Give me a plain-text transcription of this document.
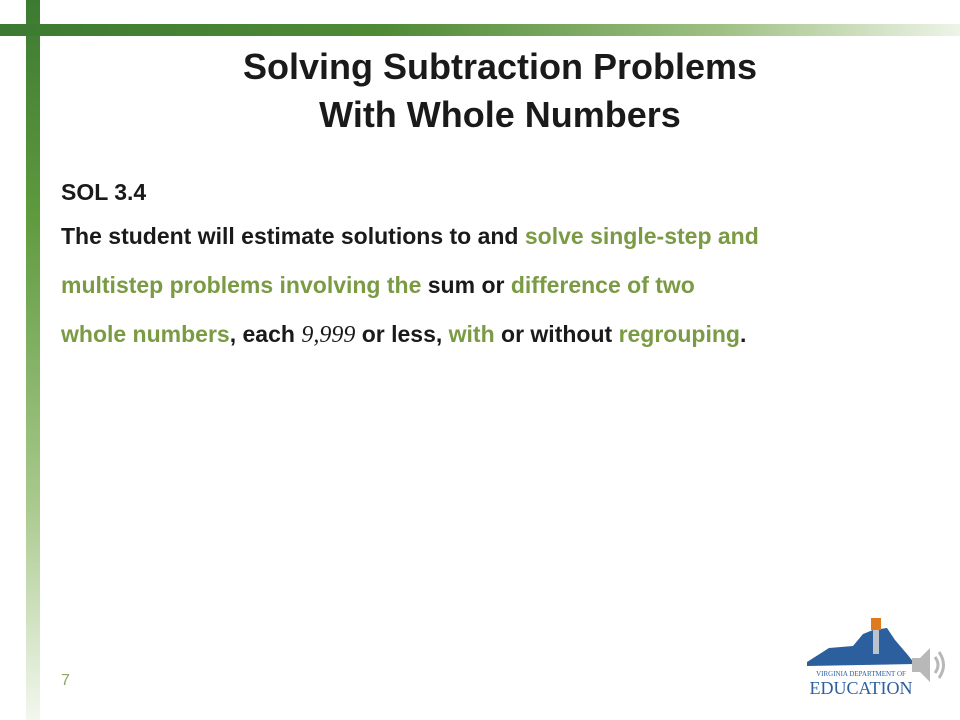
Solving Subtraction Problems
With Whole Numbers
SOL 3.4
The student will estimate solutions to and solve single-step and
multistep problems involving the sum or difference of two
whole numbers, each 9,999 or less, with or without regrouping.
7	VIRGINIA DEPARTMENT OF
EDUCATION
